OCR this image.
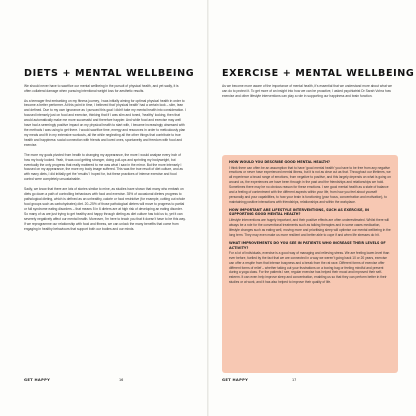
DIETS + MENTAL WELLBEING

We should never have to sacrifice our mental wellbeing in the pursuit of physical health, and yet sadly, it is often collateral damage when pursuing intentional weight loss for aesthetic results.

As a teenager first embarking on my fitness journey, I was initially aiming for optimal physical health in order to become a better performer. At this point in time, I believed that 'physical health' had a certain look – slim, lean and defined. Due to my own ignorance as I pursued this goal I didn't take my mental health into consideration. I focused intensely just on food and exercise, thinking that if I was slim and toned, 'healthy' looking, then that would automatically make me more successful and therefore happier. And while food and exercise may well have had a seemingly positive impact on my physical health to start with, I became increasingly obsessed with the methods I was using to get there. I would sacrifice time, energy and resources in order to meticulously plan my meals and fit in my extensive workouts, all the while neglecting all the other things that contribute to true health and happiness: social connection with friends and loved ones, spontaneity and freedom with food and exercise.

The more my goals pivoted from health to changing my appearance, the more I would analyse every inch of how my body looked. Yeah, it was cool getting stronger, doing pull-ups and sprinting my bodyweight, but eventually the only progress that really mattered to me was what I saw in the mirror. But the more intensely I focused on my appearance, the more my body image suffered. This was the true result of diet culture, and as with many diets, I did initially get the 'results' I hoped for, but these practices of intense exercise and food control were completely unsustainable.

Sadly, we know that there are lots of stories similar to mine, as studies have shown that many who embark on diets go down a path of controlling behaviours with food and exercise. 35% of occasional dieters progress to pathological dieting, which is defined as an unhealthy, calorie or food restrictive (for example, cutting out whole food groups such as carbohydrates) diet. 20–25% of those pathological dieters will move to progress to partial or full syndrome eating disorders – that means 5 in 6 dieters are at high risk of developing an eating disorder. So many of us are just trying to get healthy and happy through dieting as diet culture has told us to, yet it can severely negatively affect our mental health. Moreover, I'm here to teach you that it doesn't have to be this way. If we reprogramme our relationship with food and fitness, we can unlock the many benefits that come from engaging in healthy behaviours that support both our bodies and our minds.

GET HAPPY	16
EXERCISE + MENTAL WELLBEING

As we become more aware of the importance of mental health, it's essential that we understand more about what we can do to protect it. To get more of an insight into how we can be proactive, I asked psychiatrist Dr Sarah Vohra how exercise and other lifestyle interventions can play a role in supporting our happiness and brain function.

HOW WOULD YOU DESCRIBE GOOD MENTAL HEALTH?
I think there can often be an assumption that to have 'good mental health' you have to be free from any negative emotions or never have experienced mental illness, but it is not as clear cut as that. Throughout our lifetimes, we all experience a broad range of emotions, from negative to positive, and this largely depends on what is going on around us, the experiences we have been through in the past and the friendships and relationships we hold. Sometimes there may be no obvious reason for these emotions. I see good mental health as a state of balance and a feeling of contentment with the different aspects within your life, from how you feel about yourself personally and your capabilities, to how your brain is functioning (your focus, concentration and motivation), to maintaining positive interactions with friendships, relationships and within the workplace.
HOW IMPORTANT ARE LIFESTYLE INTERVENTIONS, SUCH AS EXERCISE, IN SUPPORTING GOOD MENTAL HEALTH?
Lifestyle interventions are hugely important, and their positive effects are often underestimated. Whilst there will always be a role for the conventional treatments such as talking therapies and in some cases medication, lifestyle changes such as eating well, moving more and prioritising sleep will optimise our mental wellbeing in the long term. They may even make us more resilient and better able to cope if and when life stresses do hit.
WHAT IMPROVEMENTS DO YOU SEE IN PATIENTS WHO INCREASE THEIR LEVELS OF ACTIVITY?
For a lot of individuals, exercise is a good way of managing and relieving stress. We are feeling lower-level than ever before, fuelled by the fact that we are connected in a way we weren't going back 10 or 20 years, exercise can offer a respite from that intense busyness and a break from the rat race. Different forms of exercise offer different forms of relief – whether taking out your frustrations on a boxing bag or feeling mindful and present during a yoga class. For the patients I see, regular exercise has helped their mood and improved their self-esteem. It can even help improve sleep and concentration, enabling us so that they can perform better in their studies or at work, and it has also helped to improve their quality of life.
GET HAPPY	17
